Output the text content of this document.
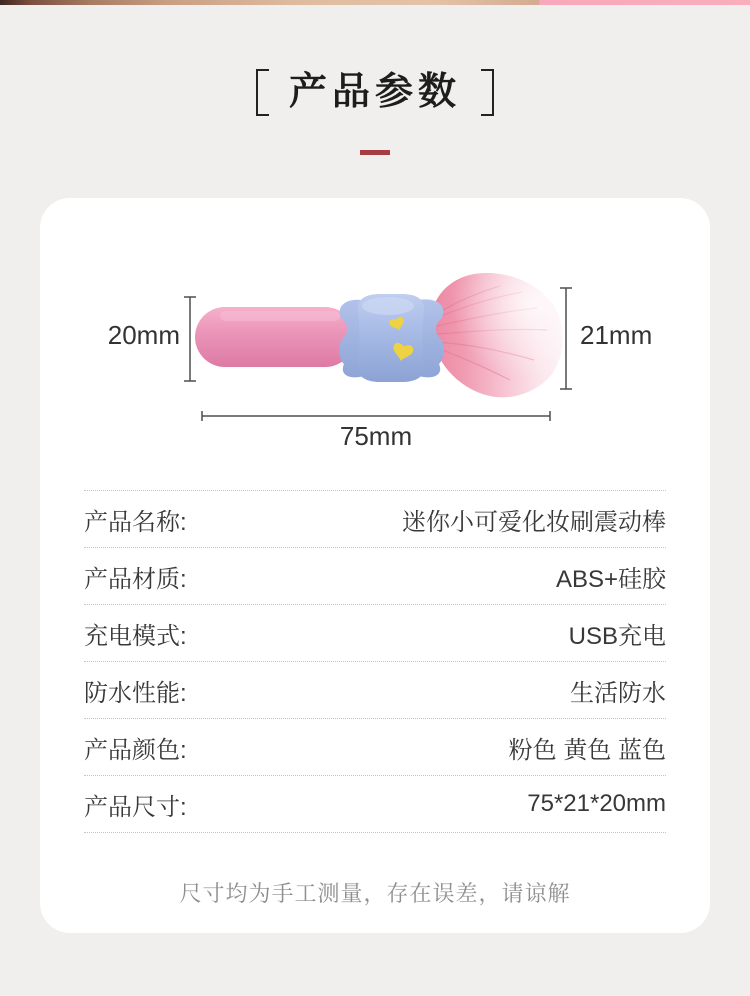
产品参数
20mm	21mm
75mm
产品名称:	迷你小可爱化妆刷震动棒
产品材质:	ABS+硅胶
充电模式:	USB充电
防水性能:	生活防水
产品颜色:	粉色 黄色 蓝色
产品尺寸:	75*21*20mm
尺寸均为手工测量，存在误差，请谅解
